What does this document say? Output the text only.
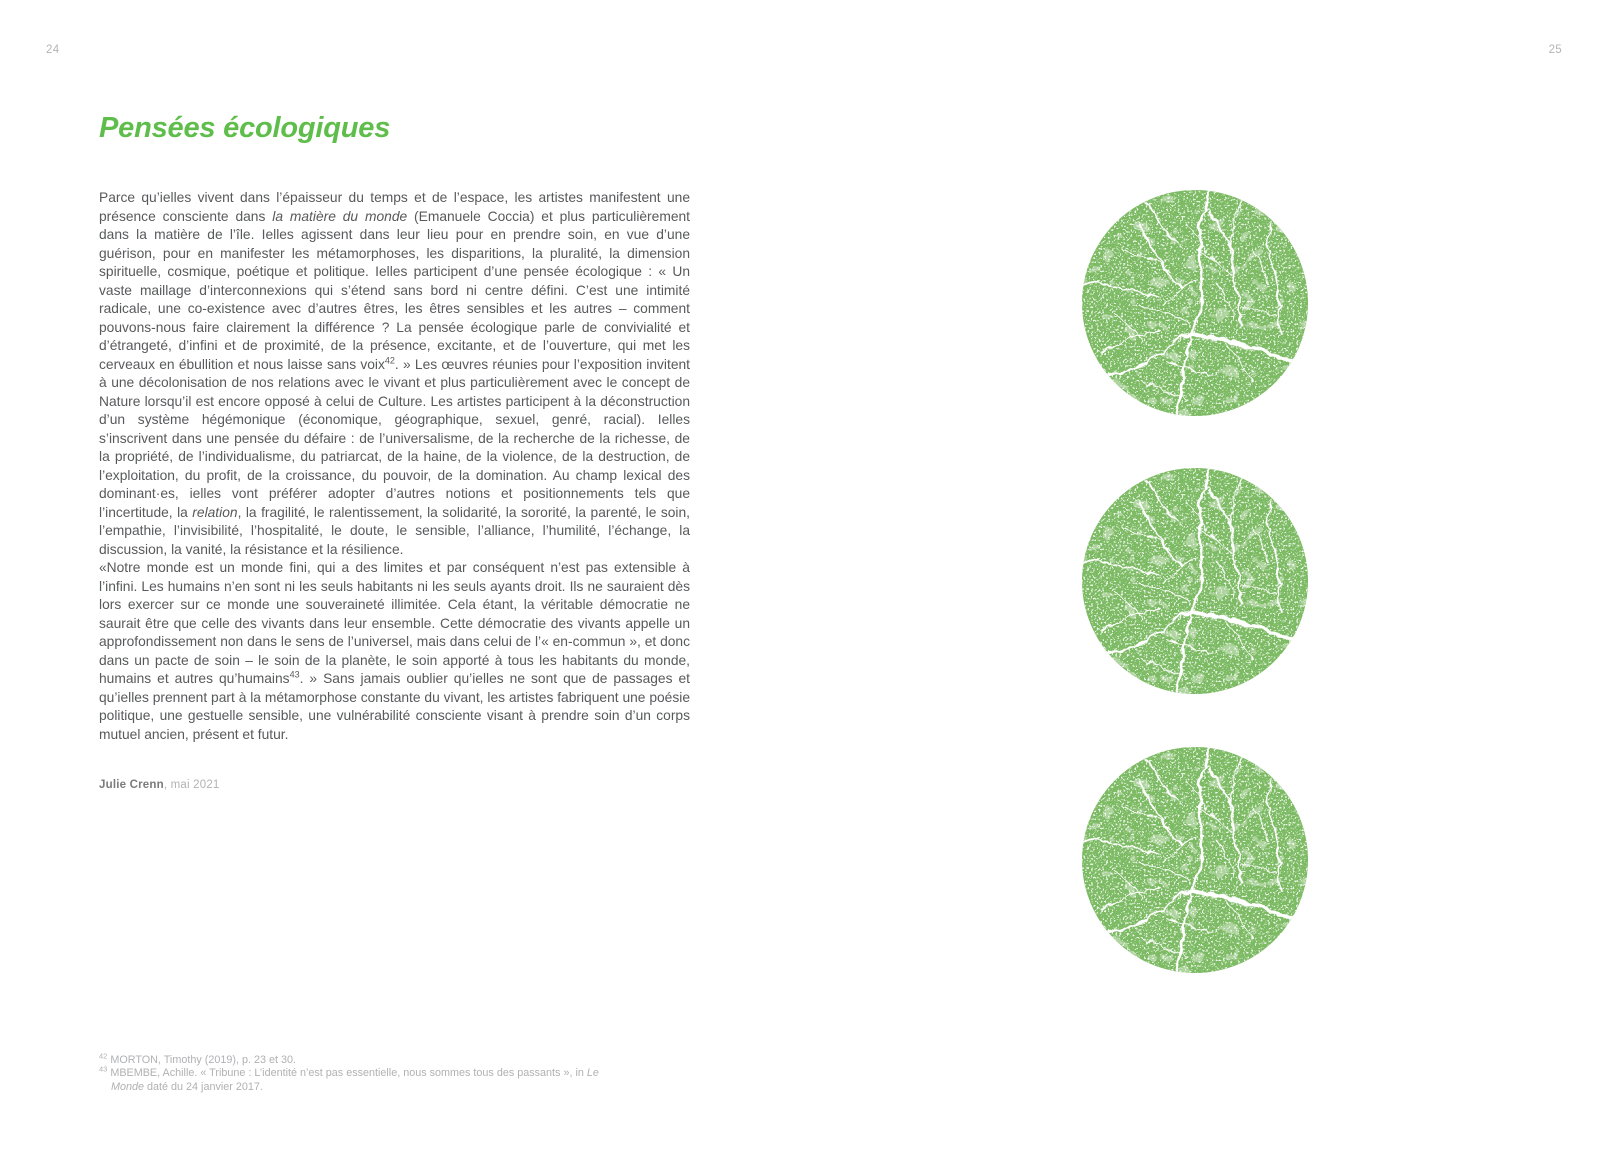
24	25
Pensées écologiques

Parce qu’ielles vivent dans l’épaisseur du temps et de l’espace, les artistes manifestent une présence consciente dans la matière du monde (Emanuele Coccia) et plus particulièrement dans la matière de l’île. Ielles agissent dans leur lieu pour en prendre soin, en vue d’une guérison, pour en manifester les métamorphoses, les disparitions, la pluralité, la dimension spirituelle, cosmique, poétique et politique. Ielles participent d’une pensée écologique : « Un vaste maillage d’interconnexions qui s’étend sans bord ni centre défini. C’est une intimité radicale, une co-existence avec d’autres êtres, les êtres sensibles et les autres – comment pouvons-nous faire clairement la différence ? La pensée écologique parle de convivialité et d’étrangeté, d’infini et de proximité, de la présence, excitante, et de l’ouverture, qui met les cerveaux en ébullition et nous laisse sans voix$^{42}$. » Les œuvres réunies pour l’exposition invitent à une décolonisation de nos relations avec le vivant et plus particulièrement avec le concept de Nature lorsqu’il est encore opposé à celui de Culture. Les artistes participent à la déconstruction d’un système hégémonique (économique, géographique, sexuel, genré, racial). Ielles s’inscrivent dans une pensée du défaire : de l’universalisme, de la recherche de la richesse, de la propriété, de l’individualisme, du patriarcat, de la haine, de la violence, de la destruction, de l’exploitation, du profit, de la croissance, du pouvoir, de la domination. Au champ lexical des dominant·es, ielles vont préférer adopter d’autres notions et positionnements tels que l’incertitude, la relation, la fragilité, le ralentissement, la solidarité, la sororité, la parenté, le soin, l’empathie, l’invisibilité, l’hospitalité, le doute, le sensible, l’alliance, l’humilité, l’échange, la discussion, la vanité, la résistance et la résilience.

«Notre monde est un monde fini, qui a des limites et par conséquent n’est pas extensible à l’infini. Les humains n’en sont ni les seuls habitants ni les seuls ayants droit. Ils ne sauraient dès lors exercer sur ce monde une souveraineté illimitée. Cela étant, la véritable démocratie ne saurait être que celle des vivants dans leur ensemble. Cette démocratie des vivants appelle un approfondissement non dans le sens de l’universel, mais dans celui de l’« en-commun », et donc dans un pacte de soin – le soin de la planète, le soin apporté à tous les habitants du monde, humains et autres qu’humains$^{43}$. » Sans jamais oublier qu’ielles ne sont que de passages et qu’ielles prennent part à la métamorphose constante du vivant, les artistes fabriquent une poésie politique, une gestuelle sensible, une vulnérabilité consciente visant à prendre soin d’un corps mutuel ancien, présent et futur.

Julie Crenn, mai 2021
$^{42}$ MORTON, Timothy (2019), p. 23 et 30.
$^{43}$ MBEMBE, Achille. « Tribune : L’identité n’est pas essentielle, nous sommes tous des passants », in Le Monde daté du 24 janvier 2017.
